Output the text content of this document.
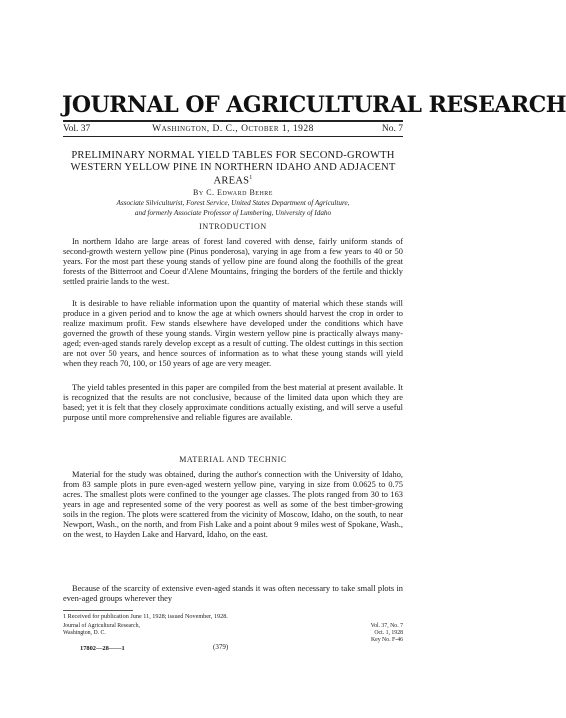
JOURNAL OF AGRICULTURAL RESEARCH
Vol. 37	Washington, D. C., October 1, 1928	No. 7
PRELIMINARY NORMAL YIELD TABLES FOR SECOND-GROWTH WESTERN YELLOW PINE IN NORTHERN IDAHO AND ADJACENT AREAS$^1$
By C. Edward Behre
Associate Silviculturist, Forest Service, United States Department of Agriculture,
and formerly Associate Professor of Lumbering, University of Idaho
INTRODUCTION
In northern Idaho are large areas of forest land covered with dense, fairly uniform stands of second-growth western yellow pine (Pinus ponderosa), varying in age from a few years to 40 or 50 years. For the most part these young stands of yellow pine are found along the foothills of the great forests of the Bitterroot and Coeur d'Alene Mountains, fringing the borders of the fertile and thickly settled prairie lands to the west.
It is desirable to have reliable information upon the quantity of material which these stands will produce in a given period and to know the age at which owners should harvest the crop in order to realize maximum profit. Few stands elsewhere have developed under the conditions which have governed the growth of these young stands. Virgin western yellow pine is practically always many-aged; even-aged stands rarely develop except as a result of cutting. The oldest cuttings in this section are not over 50 years, and hence sources of information as to what these young stands will yield when they reach 70, 100, or 150 years of age are very meager.
The yield tables presented in this paper are compiled from the best material at present available. It is recognized that the results are not conclusive, because of the limited data upon which they are based; yet it is felt that they closely approximate conditions actually existing, and will serve a useful purpose until more comprehensive and reliable figures are available.
MATERIAL AND TECHNIC
Material for the study was obtained, during the author's connection with the University of Idaho, from 83 sample plots in pure even-aged western yellow pine, varying in size from 0.0625 to 0.75 acres. The smallest plots were confined to the younger age classes. The plots ranged from 30 to 163 years in age and represented some of the very poorest as well as some of the best timber-growing soils in the region. The plots were scattered from the vicinity of Moscow, Idaho, on the south, to near Newport, Wash., on the north, and from Fish Lake and a point about 9 miles west of Spokane, Wash., on the west, to Hayden Lake and Harvard, Idaho, on the east.
Because of the scarcity of extensive even-aged stands it was often necessary to take small plots in even-aged groups wherever they
1 Received for publication June 11, 1928; issued November, 1928.
Journal of Agricultural Research,
Washington, D. C.
Vol. 37, No. 7
Oct. 1, 1928
Key No. F-46
17802—28——1	(379)
